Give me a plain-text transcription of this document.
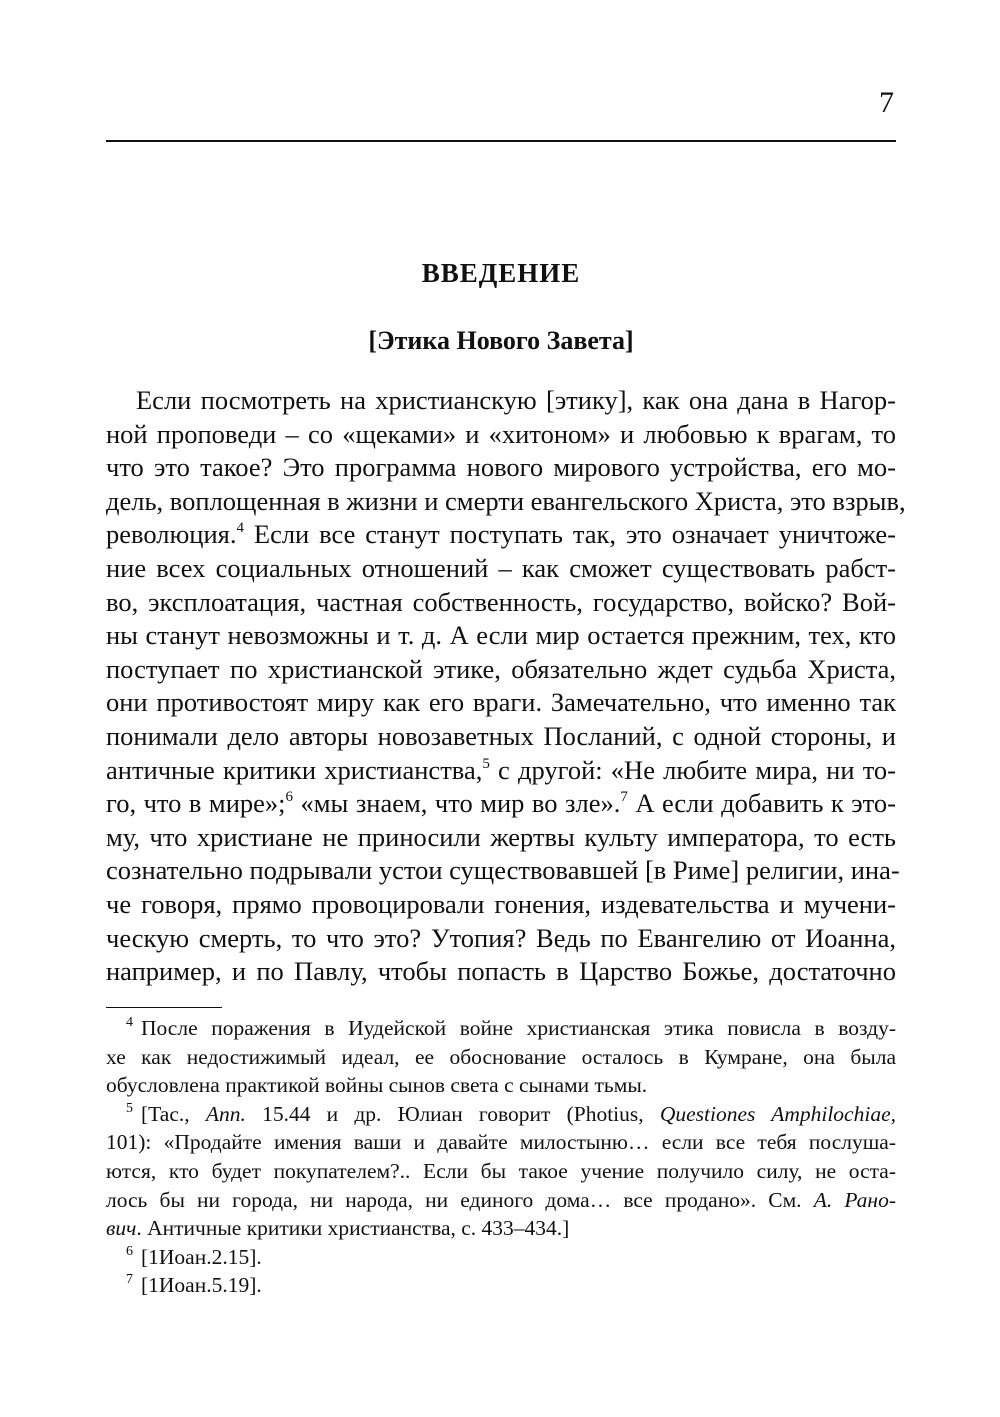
7
ВВЕДЕНИЕ
[Этика Нового Завета]
Если посмотреть на христианскую [этику], как она дана в Нагор-
ной проповеди – со «щеками» и «хитоном» и любовью к врагам, то
что это такое? Это программа нового мирового устройства, его мо-
дель, воплощенная в жизни и смерти евангельского Христа, это взрыв,
революция.$^4$ Если все станут поступать так, это означает уничтоже-
ние всех социальных отношений – как сможет существовать рабст-
во, эксплоатация, частная собственность, государство, войско? Вой-
ны станут невозможны и т. д. А если мир остается прежним, тех, кто
поступает по христианской этике, обязательно ждет судьба Христа,
они противостоят миру как его враги. Замечательно, что именно так
понимали дело авторы новозаветных Посланий, с одной стороны, и
античные критики христианства,$^5$ с другой: «Не любите мира, ни то-
го, что в мире»;$^6$ «мы знаем, что мир во зле».$^7$ А если добавить к это-
му, что христиане не приносили жертвы культу императора, то есть
сознательно подрывали устои существовавшей [в Риме] религии, ина-
че говоря, прямо провоцировали гонения, издевательства и мучени-
ческую смерть, то что это? Утопия? Ведь по Евангелию от Иоанна,
например, и по Павлу, чтобы попасть в Царство Божье, достаточно
$^4$ После поражения в Иудейской войне христианская этика повисла в возду-
хе как недостижимый идеал, ее обоснование осталось в Кумране, она была
обусловлена практикой войны сынов света с сынами тьмы.
$^5$ [Tac., Ann. 15.44 и др. Юлиан говорит (Photius, Questiones Amphilochiae,
101): «Продайте имения ваши и давайте милостыню… если все тебя послуша-
ются, кто будет покупателем?.. Если бы такое учение получило силу, не оста-
лось бы ни города, ни народа, ни единого дома… все продано». См. А. Рано-
вич. Античные критики христианства, с. 433–434.]
$^6$ [1Иоан.2.15].
$^7$ [1Иоан.5.19].
